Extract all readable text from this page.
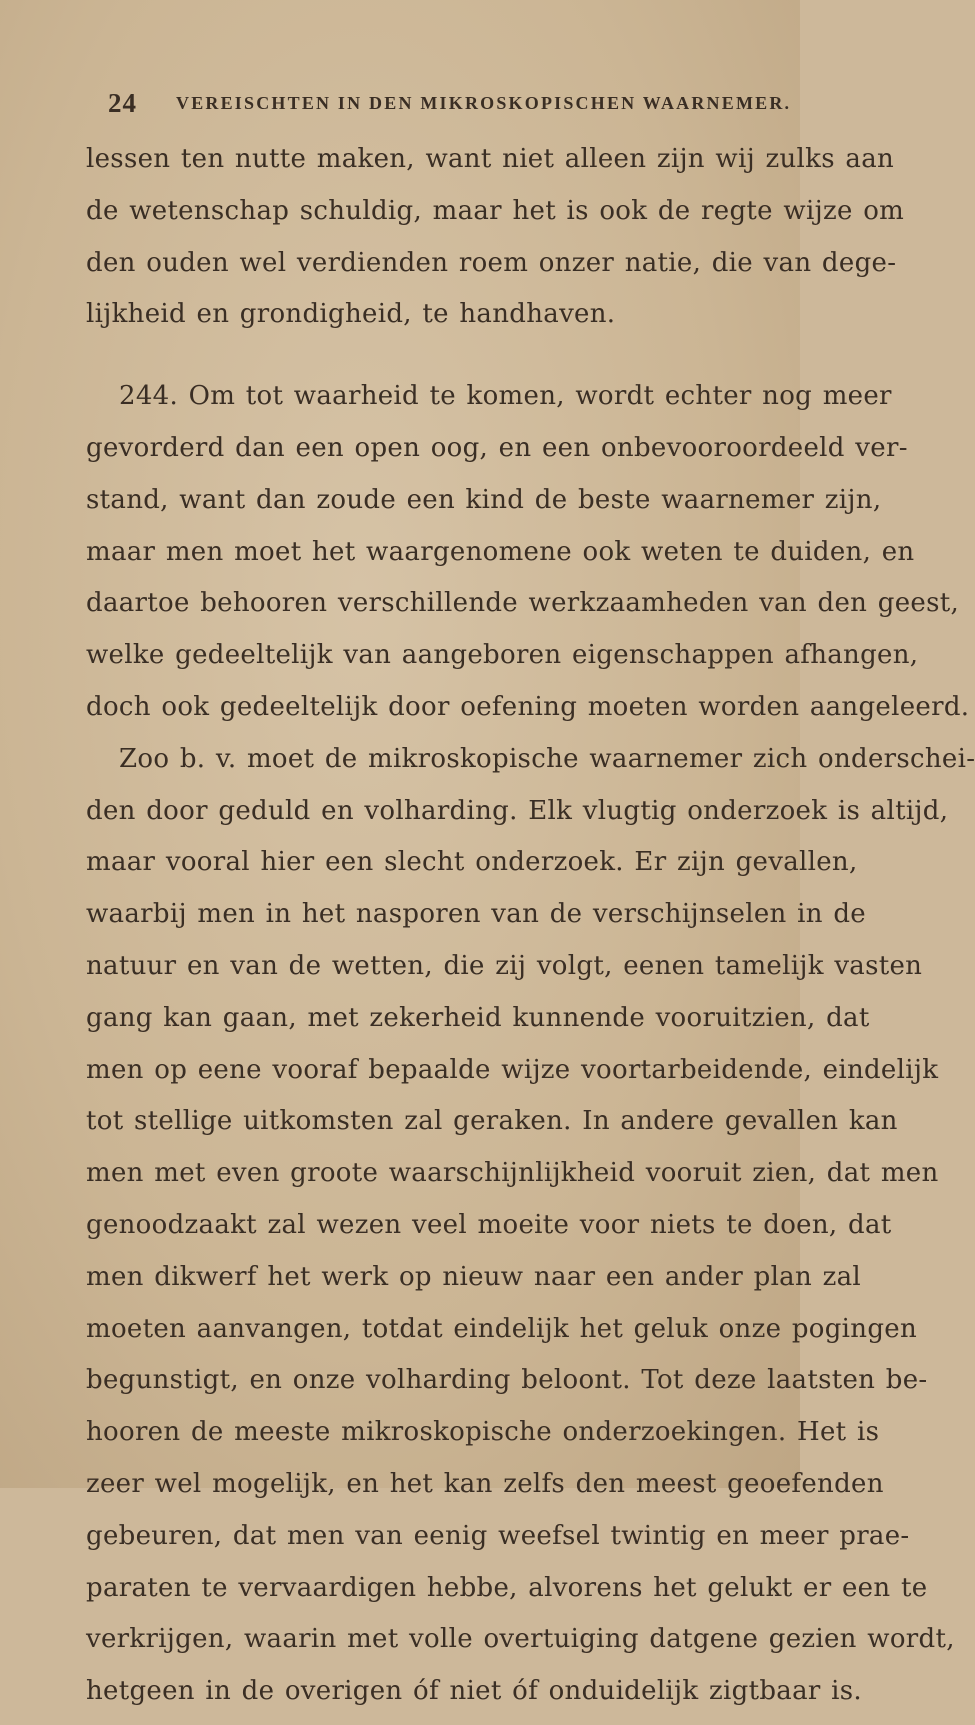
24 VEREISCHTEN IN DEN MIKROSKOPISCHEN WAARNEMER.
lessen ten nutte maken, want niet alleen zijn wij zulks aan
de wetenschap schuldig, maar het is ook de regte wijze om
den ouden wel verdienden roem onzer natie, die van dege-
lijkheid en grondigheid, te handhaven.
244. Om tot waarheid te komen, wordt echter nog meer
gevorderd dan een open oog, en een onbevooroordeeld ver-
stand, want dan zoude een kind de beste waarnemer zijn,
maar men moet het waargenomene ook weten te duiden, en
daartoe behooren verschillende werkzaamheden van den geest,
welke gedeeltelijk van aangeboren eigenschappen afhangen,
doch ook gedeeltelijk door oefening moeten worden aangeleerd.
Zoo b. v. moet de mikroskopische waarnemer zich onderschei-
den door geduld en volharding. Elk vlugtig onderzoek is altijd,
maar vooral hier een slecht onderzoek. Er zijn gevallen,
waarbij men in het nasporen van de verschijnselen in de
natuur en van de wetten, die zij volgt, eenen tamelijk vasten
gang kan gaan, met zekerheid kunnende vooruitzien, dat
men op eene vooraf bepaalde wijze voortarbeidende, eindelijk
tot stellige uitkomsten zal geraken. In andere gevallen kan
men met even groote waarschijnlijkheid vooruit zien, dat men
genoodzaakt zal wezen veel moeite voor niets te doen, dat
men dikwerf het werk op nieuw naar een ander plan zal
moeten aanvangen, totdat eindelijk het geluk onze pogingen
begunstigt, en onze volharding beloont. Tot deze laatsten be-
hooren de meeste mikroskopische onderzoekingen. Het is
zeer wel mogelijk, en het kan zelfs den meest geoefenden
gebeuren, dat men van eenig weefsel twintig en meer prae-
paraten te vervaardigen hebbe, alvorens het gelukt er een te
verkrijgen, waarin met volle overtuiging datgene gezien wordt,
hetgeen in de overigen óf niet óf onduidelijk zigtbaar is.
